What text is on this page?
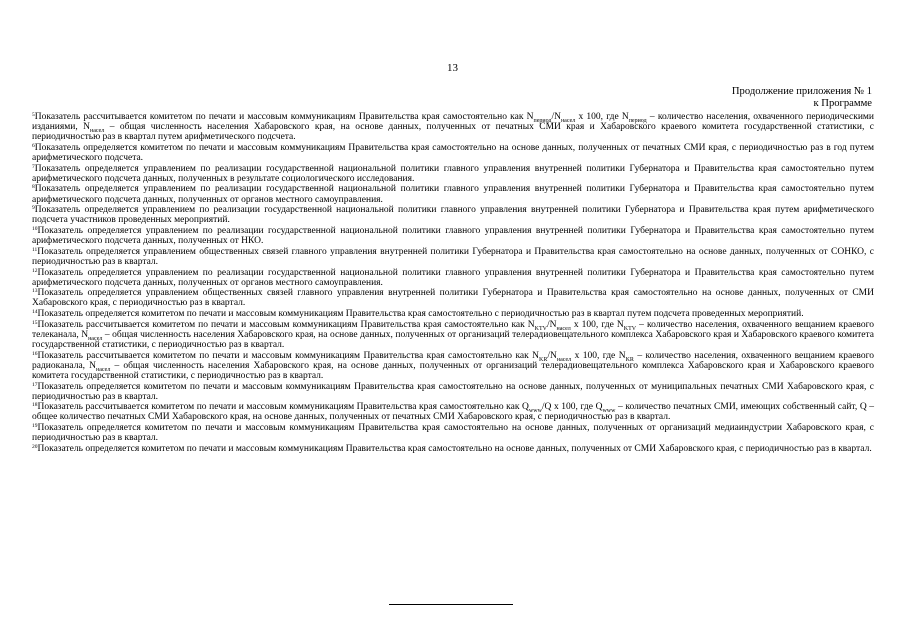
13
Продолжение приложения № 1
к Программе

$^5$Показатель рассчитывается комитетом по печати и массовым коммуникациям Правительства края самостоятельно как $N_{период}/N_{насел}$ x 100, где $N_{период}$ – количество населения, охваченного периодическими изданиями, $N_{насел}$ – общая численность населения Хабаровского края, на основе данных, полученных от печатных СМИ края и Хабаровского краевого комитета государственной статистики, с периодичностью раз в квартал путем арифметического подсчета.

$^6$Показатель определяется комитетом по печати и массовым коммуникациям Правительства края самостоятельно на основе данных, полученных от печатных СМИ края, с периодичностью раз в год путем арифметического подсчета.

$^7$Показатель определяется управлением по реализации государственной национальной политики главного управления внутренней политики Губернатора и Правительства края самостоятельно путем арифметического подсчета данных, полученных в результате социологического исследования.

$^8$Показатель определяется управлением по реализации государственной национальной политики главного управления внутренней политики Губернатора и Правительства края самостоятельно путем арифметического подсчета данных, полученных от органов местного самоуправления.

$^9$Показатель определяется управлением по реализации государственной национальной политики главного управления внутренней политики Губернатора и Правительства края путем арифметического подсчета участников проведенных мероприятий.

$^{10}$Показатель определяется управлением по реализации государственной национальной политики главного управления внутренней политики Губернатора и Правительства края самостоятельно путем арифметического подсчета данных, полученных от НКО.

$^{11}$Показатель определяется управлением общественных связей главного управления внутренней политики Губернатора и Правительства края самостоятельно на основе данных, полученных от СОНКО, с периодичностью раз в квартал.

$^{12}$Показатель определяется управлением по реализации государственной национальной политики главного управления внутренней политики Губернатора и Правительства края самостоятельно путем арифметического подсчета данных, полученных от органов местного самоуправления.

$^{13}$Показатель определяется управлением общественных связей главного управления внутренней политики Губернатора и Правительства края самостоятельно на основе данных, полученных от СМИ Хабаровского края, с периодичностью раз в квартал.

$^{14}$Показатель определяется комитетом по печати и массовым коммуникациям Правительства края самостоятельно с периодичностью раз в квартал путем подсчета проведенных мероприятий.

$^{15}$Показатель рассчитывается комитетом по печати и массовым коммуникациям Правительства края самостоятельно как $N_{KTV}/N_{насел}$ x 100, где $N_{KTV}$ – количество населения, охваченного вещанием краевого телеканала, $N_{насел}$ – общая численность населения Хабаровского края, на основе данных, полученных от организаций телерадиовещательного комплекса Хабаровского края и Хабаровского краевого комитета государственной статистики, с периодичностью раз в квартал.

$^{16}$Показатель рассчитывается комитетом по печати и массовым коммуникациям Правительства края самостоятельно как $N_{KR}/N_{насел}$ x 100, где $N_{KR}$ – количество населения, охваченного вещанием краевого радиоканала, $N_{насел}$ – общая численность населения Хабаровского края, на основе данных, полученных от организаций телерадиовещательного комплекса Хабаровского края и Хабаровского краевого комитета государственной статистики, с периодичностью раз в квартал.

$^{17}$Показатель определяется комитетом по печати и массовым коммуникациям Правительства края самостоятельно на основе данных, полученных от муниципальных печатных СМИ Хабаровского края, с периодичностью раз в квартал.

$^{18}$Показатель рассчитывается комитетом по печати и массовым коммуникациям Правительства края самостоятельно как $Q_{www}/Q$ x 100, где $Q_{www}$ – количество печатных СМИ, имеющих собственный сайт, Q – общее количество печатных СМИ Хабаровского края, на основе данных, полученных от печатных СМИ Хабаровского края, с периодичностью раз в квартал.

$^{19}$Показатель определяется комитетом по печати и массовым коммуникациям Правительства края самостоятельно на основе данных, полученных от организаций медиаиндустрии Хабаровского края, с периодичностью раз в квартал.

$^{20}$Показатель определяется комитетом по печати и массовым коммуникациям Правительства края самостоятельно на основе данных, полученных от СМИ Хабаровского края, с периодичностью раз в квартал.
